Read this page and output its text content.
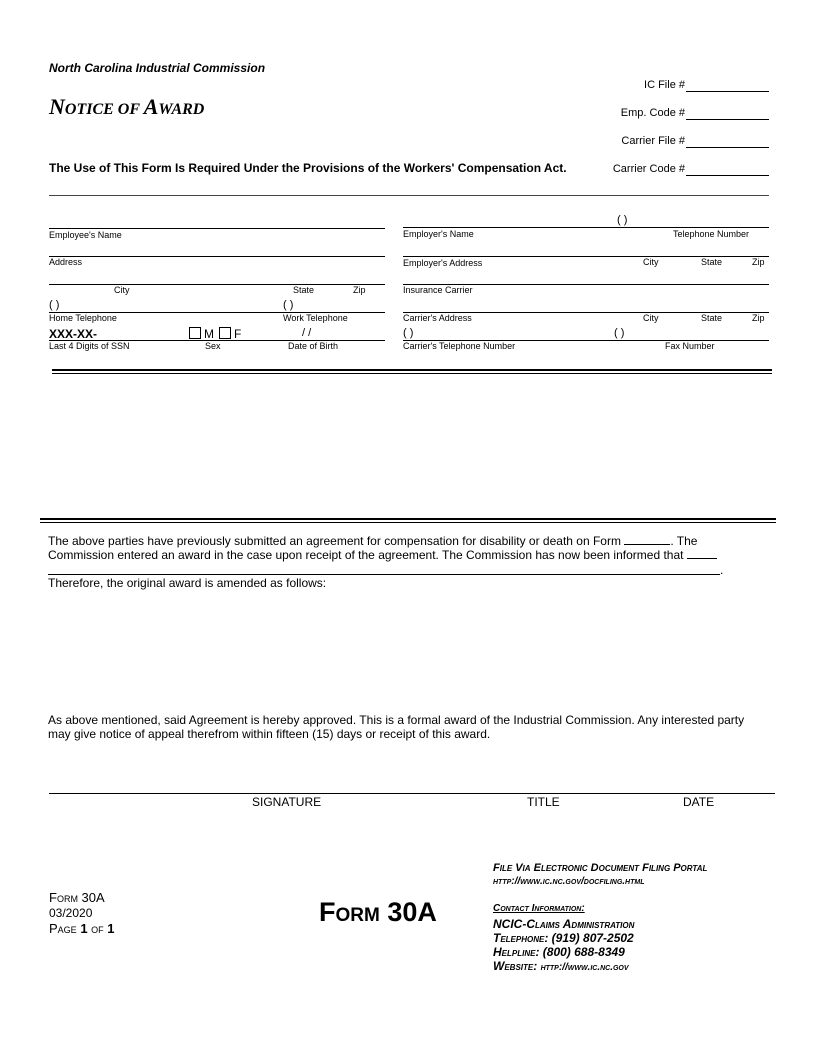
North Carolina Industrial Commission
NOTICE OF AWARD
The Use of This Form Is Required Under the Provisions of the Workers' Compensation Act.
IC File #
Emp. Code #
Carrier File #
Carrier Code #
Employee's Name
Address
City	State	Zip
( )	( )
Home Telephone	Work Telephone
XXX-XX-	M F	/ /
Last 4 Digits of SSN	Sex	Date of Birth
( )
Employer's Name	Telephone Number
Employer's Address	City	State	Zip
Insurance Carrier
Carrier's Address	City	State	Zip
( )	( )
Carrier's Telephone Number	Fax Number
The above parties have previously submitted an agreement for compensation for disability or death on Form	. The
Commission entered an award in the case upon receipt of the agreement. The Commission has now been informed that
.
Therefore, the original award is amended as follows:
As above mentioned, said Agreement is hereby approved. This is a formal award of the Industrial Commission. Any interested party may give notice of appeal therefrom within fifteen (15) days or receipt of this award.
SIGNATURE	TITLE	DATE
Form 30A
03/2020
Page 1 of 1
Form 30A
File Via Electronic Document Filing Portal
http://www.ic.nc.gov/docfiling.html
Contact Information:
NCIC-Claims Administration
Telephone: (919) 807-2502
Helpline: (800) 688-8349
Website: http://www.ic.nc.gov
